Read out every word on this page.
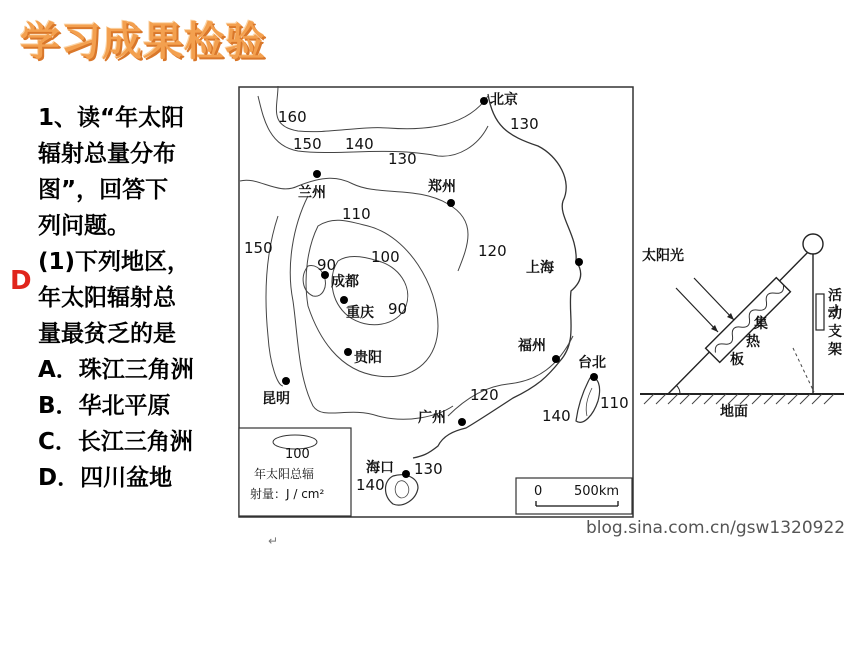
学习成果检验
D

1、读“年太阳

辐射总量分布

图”，回答下

列问题。

(1)下列地区，

年太阳辐射总

量最贫乏的是

A．珠江三角洲

B．华北平原

C．长江三角洲

D．四川盆地

北京
兰州	郑州
成都
重庆
贵阳
上海
福州
台北
广州
昆明
海口
160
150 140
130
130
110
100
90
90
120
150
120
140
110
130
140
100
年太阳总辐
射量：J / cm²	0 500km
太阳光
集
热
板
地面
活
动
支
架
blog.sina.com.cn/gsw1320922
↵
